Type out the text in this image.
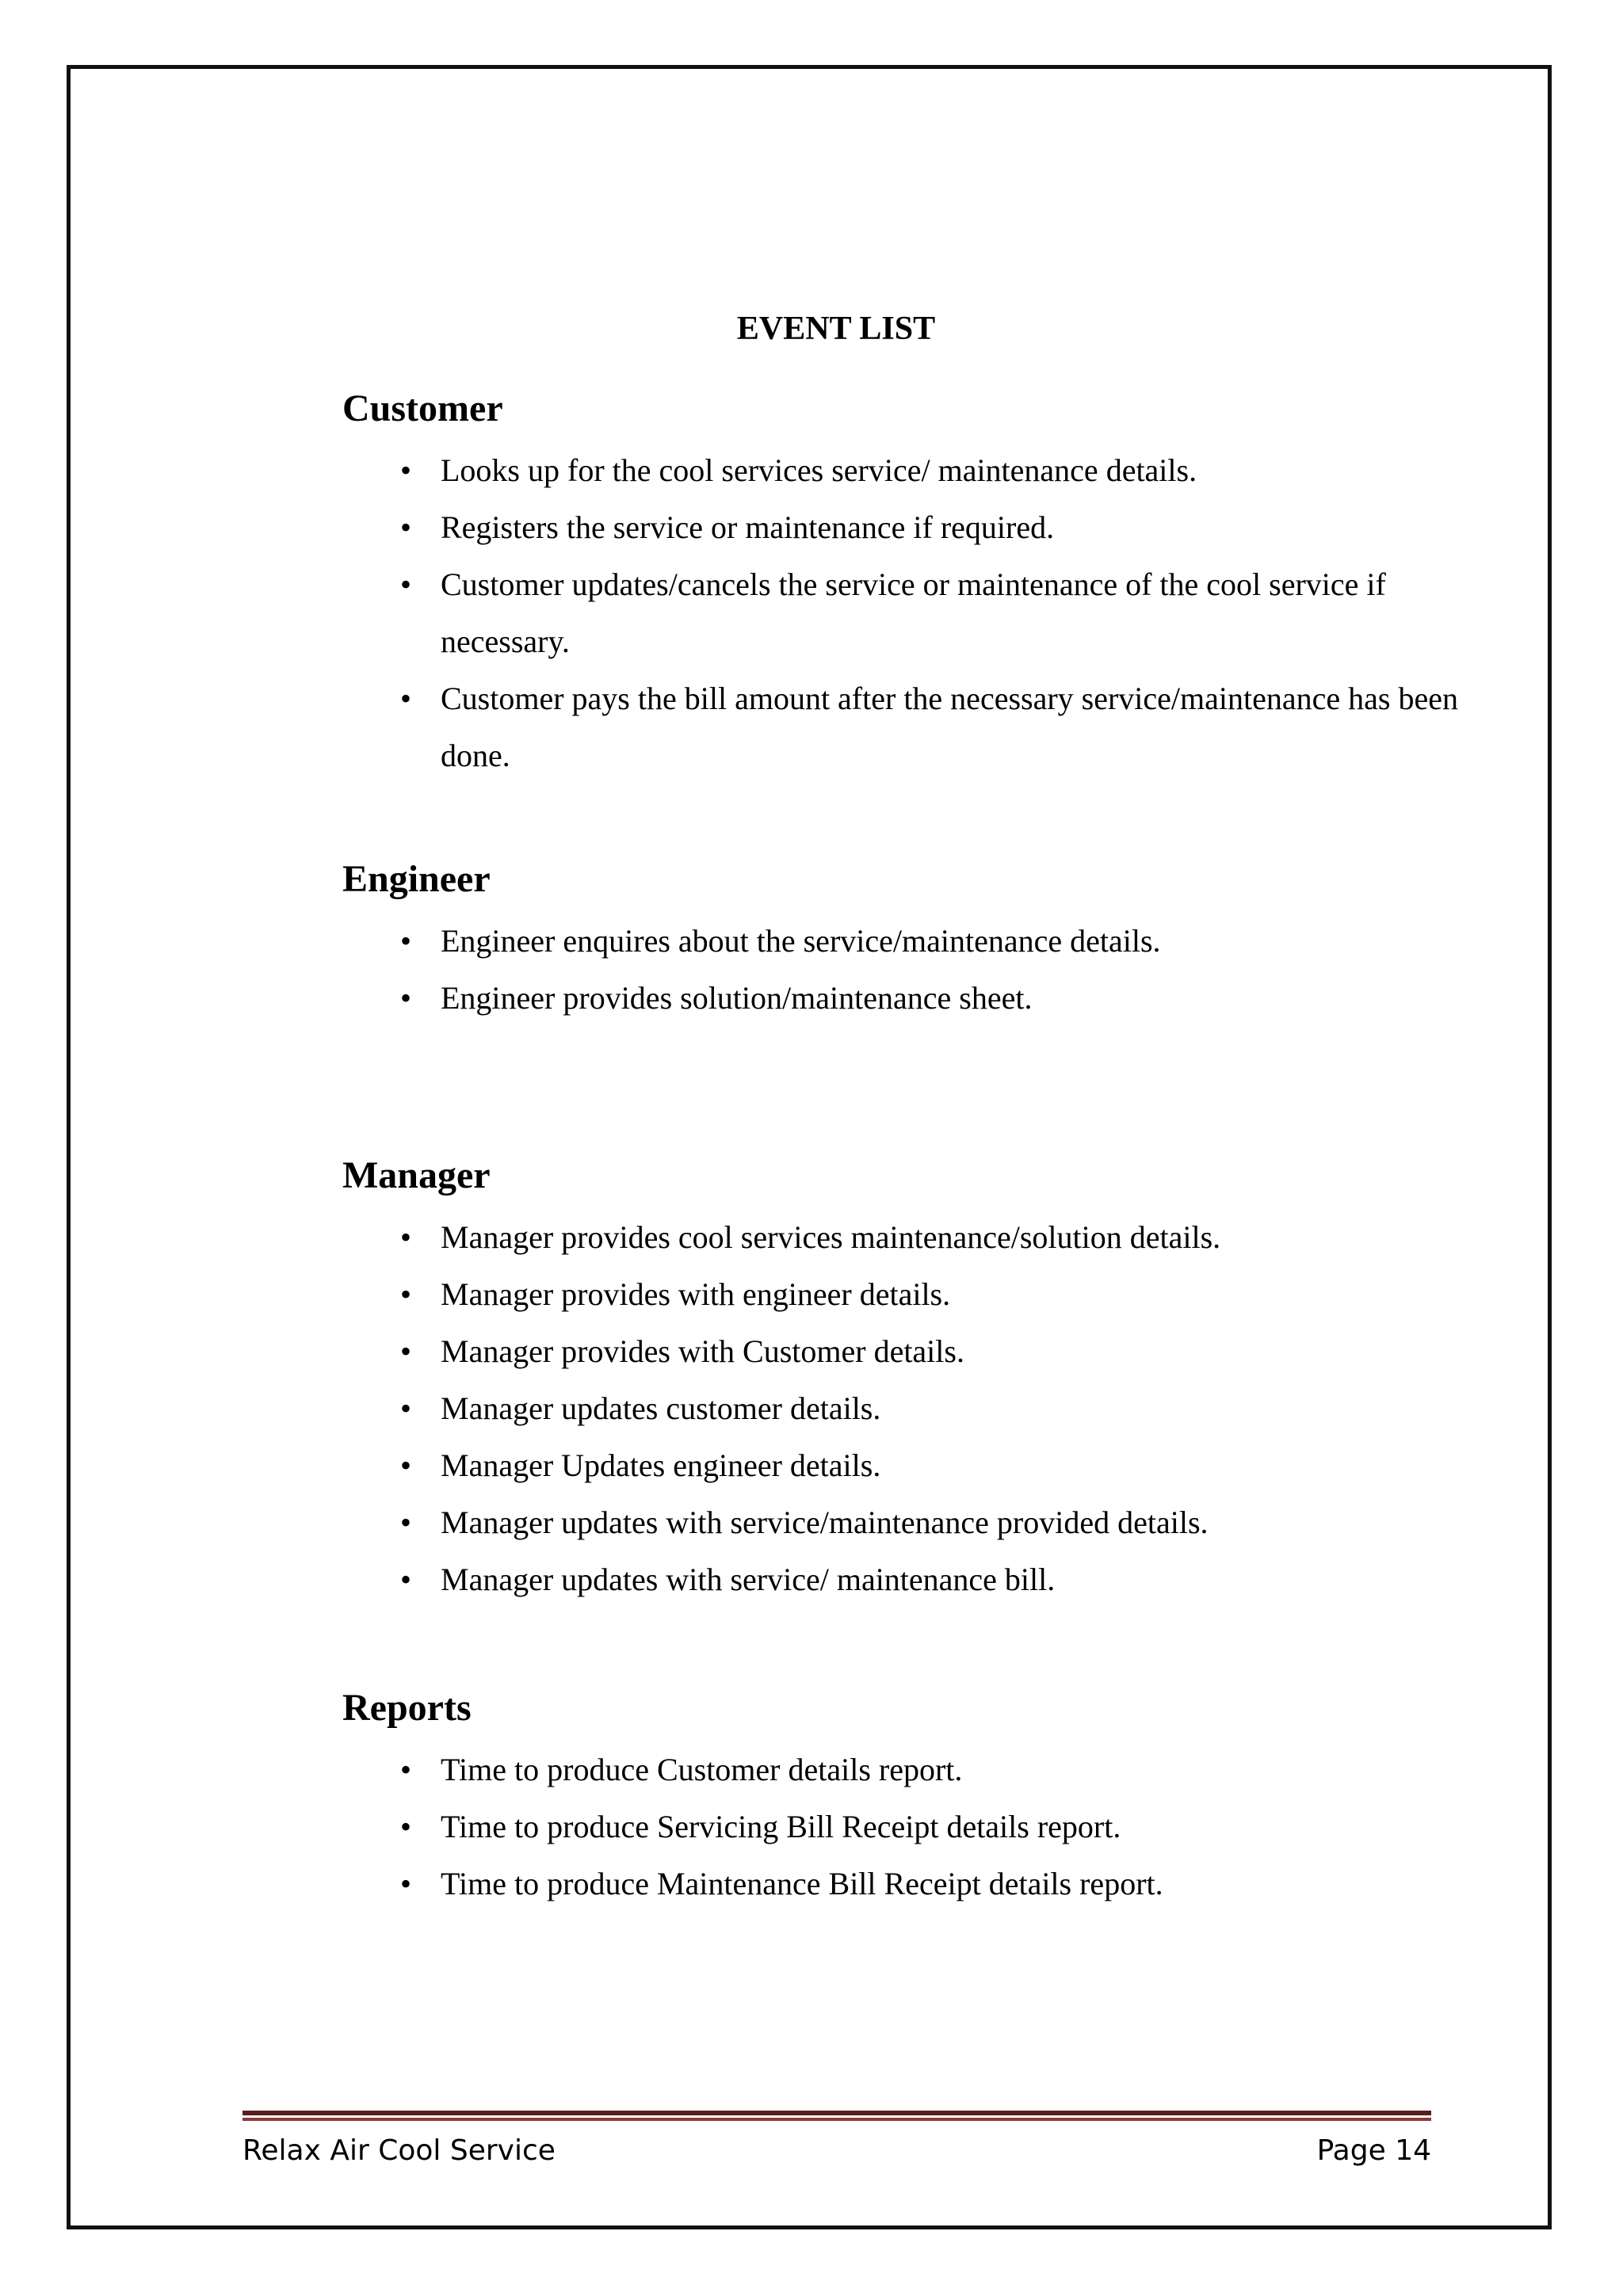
EVENT LIST
Customer
• Looks up for the cool services service/ maintenance details.
• Registers the service or maintenance if required.
• Customer updates/cancels the service or maintenance of the cool service if necessary.
• Customer pays the bill amount after the necessary service/maintenance has been done.
Engineer
• Engineer enquires about the service/maintenance details.
• Engineer provides solution/maintenance sheet.
Manager
• Manager provides cool services maintenance/solution details.
• Manager provides with engineer details.
• Manager provides with Customer details.
• Manager updates customer details.
• Manager Updates engineer details.
• Manager updates with service/maintenance provided details.
• Manager updates with service/ maintenance bill.
Reports
• Time to produce Customer details report.
• Time to produce Servicing Bill Receipt details report.
• Time to produce Maintenance Bill Receipt details report.
Relax Air Cool Service	Page 14
